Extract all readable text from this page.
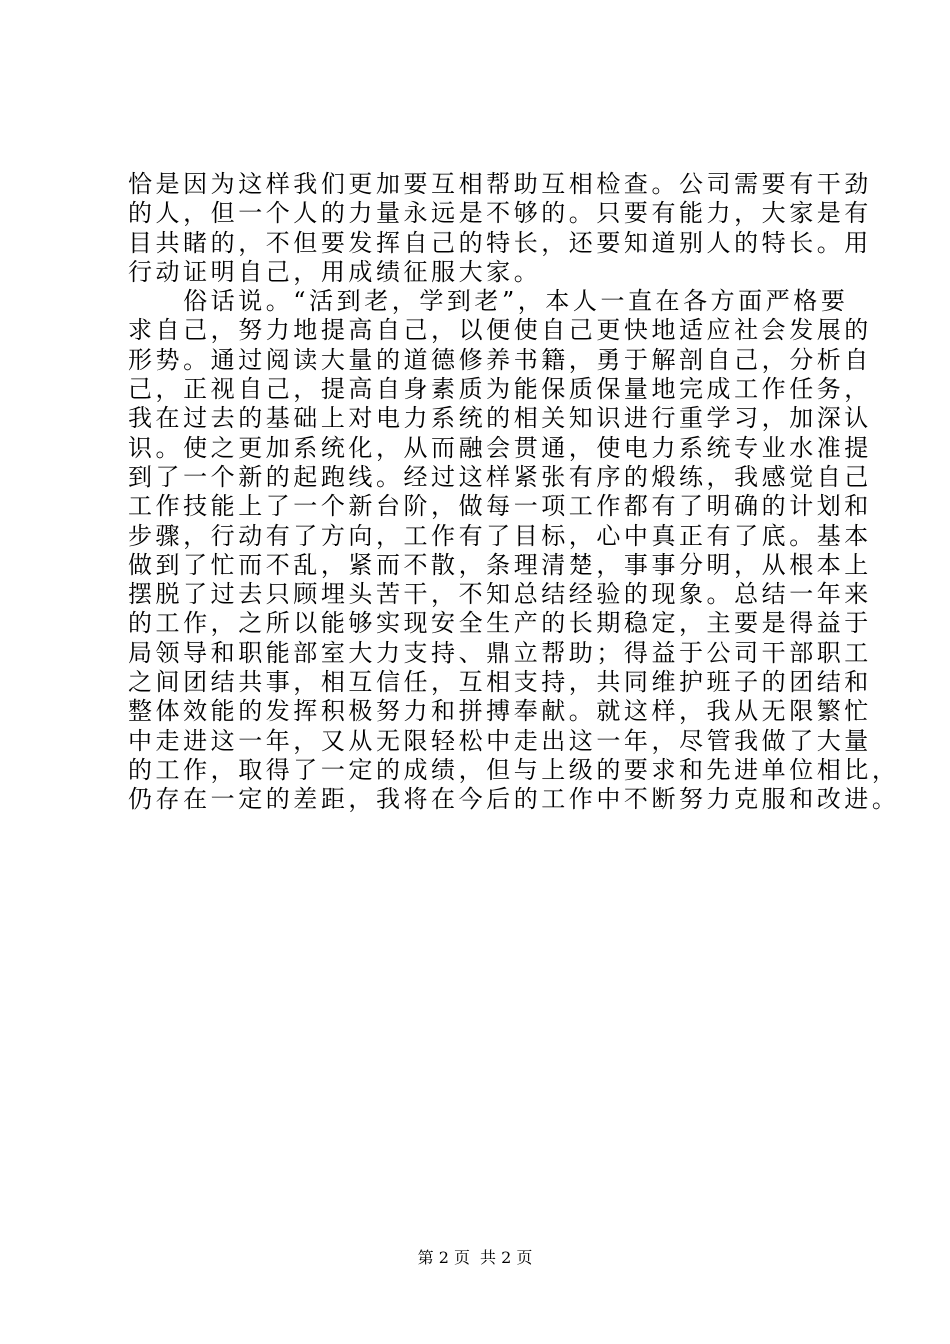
恰是因为这样我们更加要互相帮助互相检查。公司需要有干劲
的人，但一个人的力量永远是不够的。只要有能力，大家是有
目共睹的，不但要发挥自己的特长，还要知道别人的特长。用
行动证明自己，用成绩征服大家。
　　俗话说。“活到老，学到老”，本人一直在各方面严格要
求自己，努力地提高自己，以便使自己更快地适应社会发展的
形势。通过阅读大量的道德修养书籍，勇于解剖自己，分析自
己，正视自己，提高自身素质为能保质保量地完成工作任务，
我在过去的基础上对电力系统的相关知识进行重学习，加深认
识。使之更加系统化，从而融会贯通，使电力系统专业水准提
到了一个新的起跑线。经过这样紧张有序的煅练，我感觉自己
工作技能上了一个新台阶，做每一项工作都有了明确的计划和
步骤，行动有了方向，工作有了目标，心中真正有了底。基本
做到了忙而不乱，紧而不散，条理清楚，事事分明，从根本上
摆脱了过去只顾埋头苦干，不知总结经验的现象。总结一年来
的工作，之所以能够实现安全生产的长期稳定，主要是得益于
局领导和职能部室大力支持、鼎立帮助；得益于公司干部职工
之间团结共事，相互信任，互相支持，共同维护班子的团结和
整体效能的发挥积极努力和拼搏奉献。就这样，我从无限繁忙
中走进这一年，又从无限轻松中走出这一年，尽管我做了大量
的工作，取得了一定的成绩，但与上级的要求和先进单位相比，
仍存在一定的差距，我将在今后的工作中不断努力克服和改进。
第 2 页 共 2 页
